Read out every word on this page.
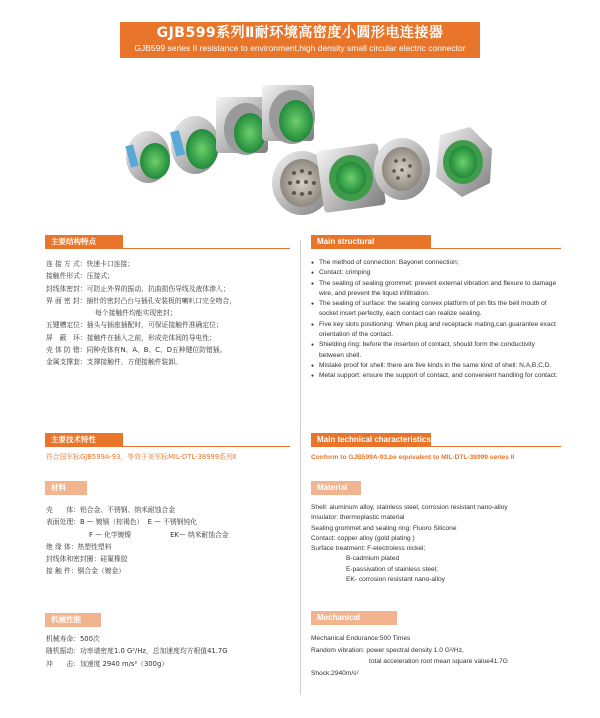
GJB599系列Ⅱ耐环境高密度小圆形电连接器
GJB599 series II resistance to environment,high density small circular electric connector
主要结构特点
连 接 方 式：快速卡口连接；
接触件形式：压接式；
封线体密封：可防止外界的振动、抗曲损伤导线及液体渗入；
界 面 密 封：插针的密封凸台与插孔安装板的喇叭口完全吻合，
每个接触件均能实现密封；
五键槽定位：插头与插座插配时，可保证接触件准确定位；
屏　蔽　环：接触件在插入之前，形成壳体间的导电性；
壳 体 防 错：同种壳体有N、A、B、C、D五种键位防错插。
金属支撑套：支撑接触件，方便接触件装卸。
主要技术特性
符合国军标GJB599A-93，等效于美军标MIL-DTL-38999系列Ⅱ
材料
壳　　体：铝合金、不锈钢、纳米耐蚀合金
表面处理：B — 镀镉（棕褐色）  E — 不锈钢钝化
F — 化学镀镍                  EK— 纳米耐蚀合金
绝 缘 体：热塑性塑料
封线体和密封圈：硅氟橡胶
接 触 件：铜合金（镀金）
机械性能
机械寿命：500次
随机振动：功率谱密度1.0 G²/Hz，总加速度均方根值41.7G
冲　　击：加速度 2940 m/s²（300g）
Main structural characteristics
● The method of connection: Bayonet connection;
● Contact: crimping
● The sealing of sealing grommet: prevent external vibration and flexure to damage wire, and prevent the liquid infiltration.
● The sealing of surface: the sealing convex platform of pin fits the bell mouth of socket insert perfectly, each contact can realize sealing.
● Five key slots positioning: When plug and receptacle mating,can guarantee exact orientation of the contact.
● Shielding ring: before the insertion of contact, should form the conductivity between shell.
● Mistake proof for shell: there are five kinds in the same kind of shell: N,A,B,C,D.
● Metal support: ensure the support of contact, and convenient handling for contact.
Main technical characteristics
Conform to GJB599A-93,be equivalent to MIL-DTL-38999 series II
Material
Shell: aluminum alloy, stainless steel, corrosion resistant nano-alloy
Insulator: thermoplastic material
Sealing grommet and sealing ring: Fluoro Silicone
Contact: copper alloy (gold plating )
Surface treatment: F-electroless nickel;
B-cadmium plated
E-passivation of stainless steel;
EK- corrosion resistant nano-alloy
Mechanical properties
Mechanical Endurance:500 Times
Random vibration: power spectral density 1.0 G²/Hz,
total acceleration root mean square value41.7G
Shock:2940m/s²
